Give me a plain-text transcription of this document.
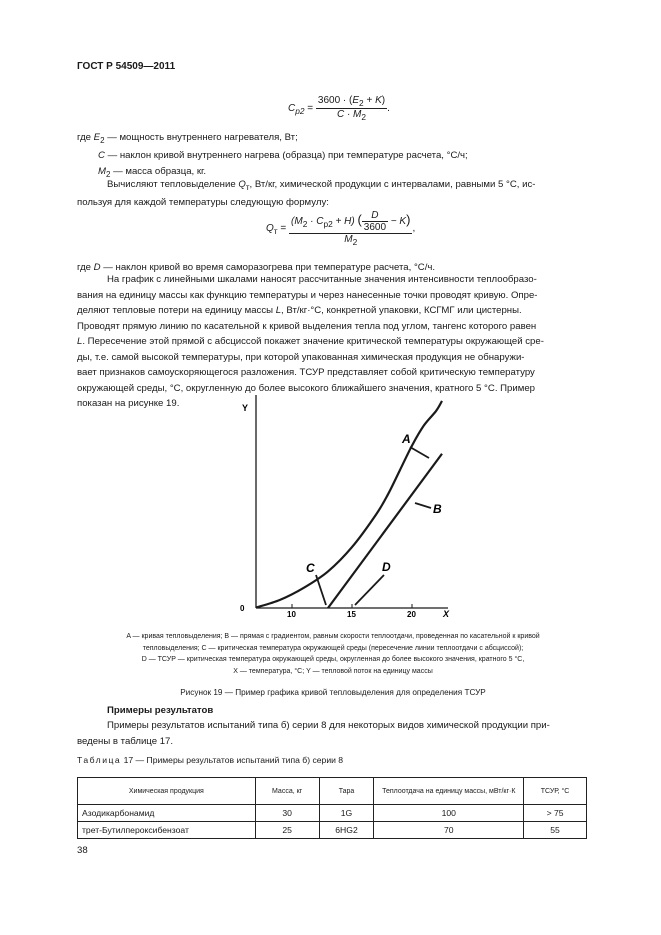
ГОСТ Р 54509—2011
$C_{p2} = \frac{3600 \cdot (E_2 + K)}{C \cdot M_2}$ .
где $E_2$ — мощность внутреннего нагревателя, Вт;
C — наклон кривой внутреннего нагрева (образца) при температуре расчета, °С/ч;
$M_2$ — масса образца, кг.
Вычисляют тепловыделение $Q_т$, Вт/кг, химической продукции с интервалами, равными 5 °С, ис-
пользуя для каждой температуры следующую формулу:
$Q_т = \frac{(M_2 \cdot C_{p2} + H) ( \frac{D}{3600} - K)}{M_2}$ ,
где D — наклон кривой во время саморазогрева при температуре расчета, °С/ч.
На график с линейными шкалами наносят рассчитанные значения интенсивности теплообразо-
вания на единицу массы как функцию температуры и через нанесенные точки проводят кривую. Опре-
деляют тепловые потери на единицу массы L, Вт/кг·°С, конкретной упаковки, КСГМГ или цистерны.
Проводят прямую линию по касательной к кривой выделения тепла под углом, тангенс которого равен
L. Пересечение этой прямой с абсциссой покажет значение критической температуры окружающей сре-
ды, т.е. самой высокой температуры, при которой упакованная химическая продукция не обнаружи-
вает признаков самоускоряющегося разложения. ТСУР представляет собой критическую температуру
окружающей среды, °С, округленную до более высокого ближайшего значения, кратного 5 °С. Пример
показан на рисунке 19.	Y
X
0
10	15	20
A
B
C	D
A — кривая тепловыделения; B — прямая с градиентом, равным скорости теплоотдачи, проведенная по касательной к кривой
тепловыделения; C — критическая температура окружающей среды (пересечение линии теплоотдачи с абсциссой);
D — ТСУР — критическая температура окружающей среды, округленная до более высокого значения, кратного 5 °С,
X — температура, °С; Y — тепловой поток на единицу массы
Рисунок 19 — Пример графика кривой тепловыделения для определения ТСУР
Примеры результатов
Примеры результатов испытаний типа б) серии 8 для некоторых видов химической продукции при-
ведены в таблице 17.
Таблица 17 — Примеры результатов испытаний типа б) серии 8
Химическая продукция	Масса, кг	Тара	Теплоотдача на единицу массы, мВт/кг·К	ТСУР, °С
Азодикарбонамид	30	1G	100	> 75
трет-Бутилпероксибензоат	25	6HG2	70	55
38
